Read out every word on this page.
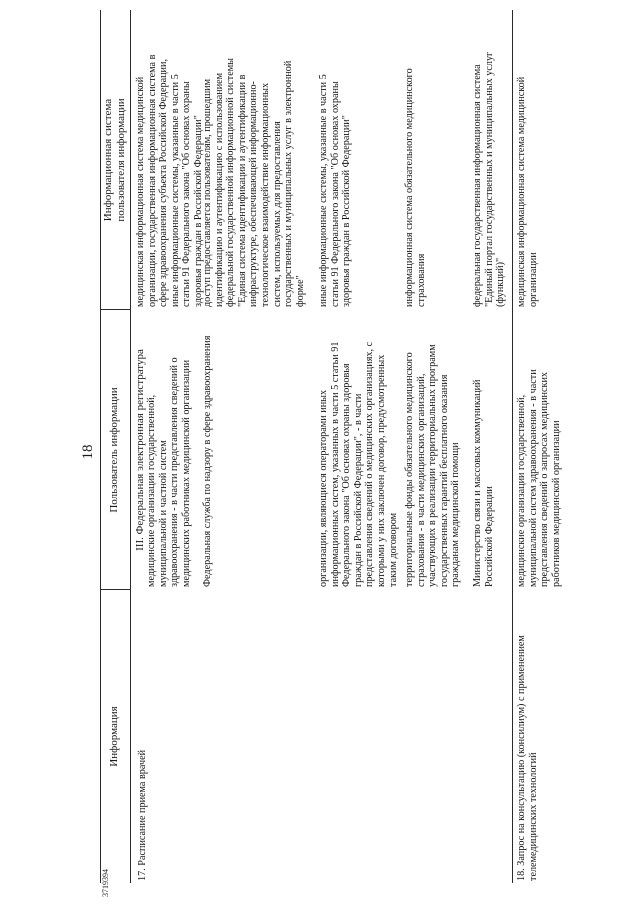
18
3719394
Информация
Пользователь информации
Информационная система
пользователя информации
III. Федеральная электронная регистратура
17. Расписание приема врачей
медицинские организации государственной,
муниципальной и частной систем
здравоохранения - в части представления сведений о
медицинских работниках медицинской организации
медицинская информационная система медицинской
организации, государственная информационная система в
сфере здравоохранения субъекта Российской Федерации,
иные информационные системы, указанные в части 5
статьи 91 Федерального закона "Об основах охраны
здоровья граждан в Российской Федерации"
Федеральная служба по надзору в сфере здравоохранения
доступ предоставляется пользователям, прошедшим
идентификацию и аутентификацию с использованием
федеральной государственной информационной системы
"Единая система идентификации и аутентификации в
инфраструктуре, обеспечивающей информационно-
технологическое взаимодействие информационных
систем, используемых для предоставления
государственных и муниципальных услуг в электронной
форме"
организации, являющиеся операторами иных
информационных систем, указанных в части 5 статьи 91
Федерального закона "Об основах охраны здоровья
граждан в Российской Федерации", - в части
представления сведений о медицинских организациях, с
которыми у них заключен договор, предусмотренных
таким договором
иные информационные системы, указанные в части 5
статьи 91 Федерального закона "Об основах охраны
здоровья граждан в Российской Федерации"
территориальные фонды обязательного медицинского
страхования - в части медицинских организаций,
участвующих в реализации территориальных программ
государственных гарантий бесплатного оказания
гражданам медицинской помощи
информационная система обязательного медицинского
страхования
Министерство связи и массовых коммуникаций
Российской Федерации
федеральная государственная информационная система
"Единый портал государственных и муниципальных услуг
(функций)"
18. Запрос на консультацию (консилиум) с применением
телемедицинских технологий
медицинские организации государственной,
муниципальной систем здравоохранения - в части
представления сведений о запросах медицинских
работников медицинской организации
медицинская информационная система медицинской
организации
